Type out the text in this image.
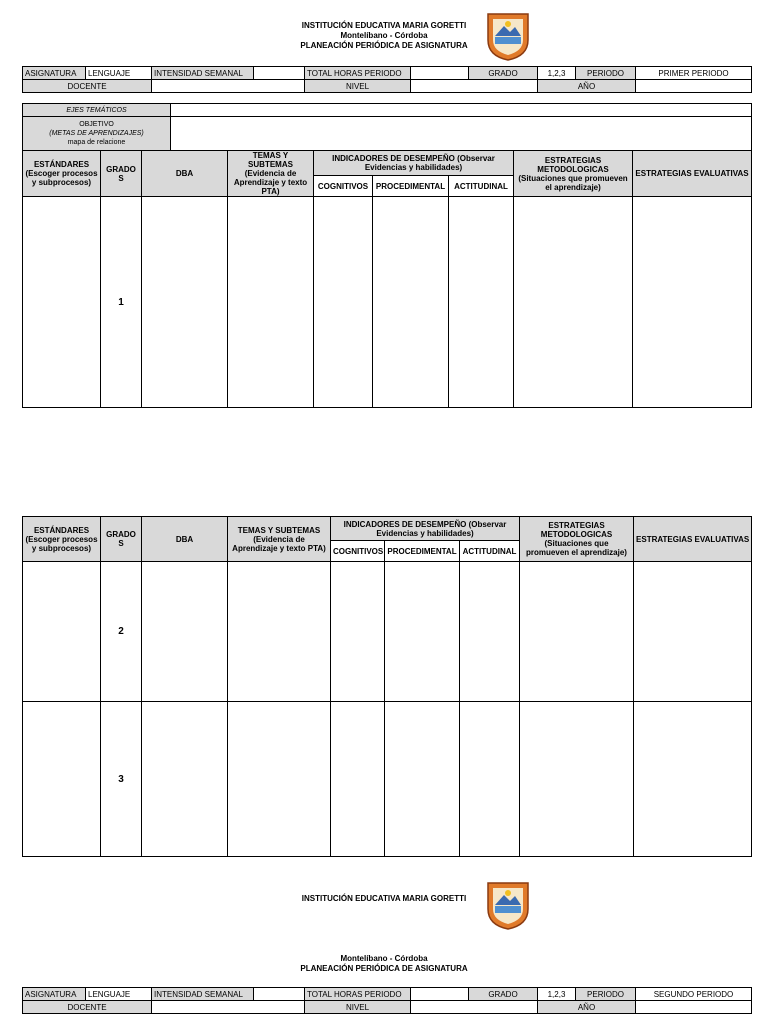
INSTITUCIÓN EDUCATIVA MARIA GORETTI
Montelíbano - Córdoba
PLANEACIÓN PERIÓDICA DE ASIGNATURA
ASIGNATURA	LENGUAJE	INTENSIDAD SEMANAL		TOTAL HORAS PERIODO		GRADO	1,2,3	PERIODO	PRIMER PERIODO
DOCENTE				NIVEL			AÑO		
EJES TEMÁTICOS	

OBJETIVO
(METAS DE APRENDIZAJES)
mapa de relacione	

ESTÁNDARES (Escoger procesos y subprocesos)	GRADO S	DBA	TEMAS Y SUBTEMAS (Evidencia de Aprendizaje y texto PTA)	INDICADORES DE DESEMPEÑO (Observar Evidencias y habilidades)			ESTRATEGIAS METODOLOGICAS (Situaciones que promueven el aprendizaje)	ESTRATEGIAS EVALUATIVAS
				COGNITIVOS	PROCEDIMENTAL	ACTITUDINAL		
	1							
ESTÁNDARES (Escoger procesos y subprocesos)	GRADO S	DBA	TEMAS Y SUBTEMAS (Evidencia de Aprendizaje y texto PTA)	INDICADORES DE DESEMPEÑO (Observar Evidencias y habilidades)			ESTRATEGIAS METODOLOGICAS (Situaciones que promueven el aprendizaje)	ESTRATEGIAS EVALUATIVAS
				COGNITIVOS	PROCEDIMENTAL	ACTITUDINAL		
	2							
	3							
INSTITUCIÓN EDUCATIVA MARIA GORETTI
Montelíbano - Córdoba
PLANEACIÓN PERIÓDICA DE ASIGNATURA
ASIGNATURA	LENGUAJE	INTENSIDAD SEMANAL		TOTAL HORAS PERIODO		GRADO	1,2,3	PERIODO	SEGUNDO PERIODO
DOCENTE				NIVEL			AÑO		
